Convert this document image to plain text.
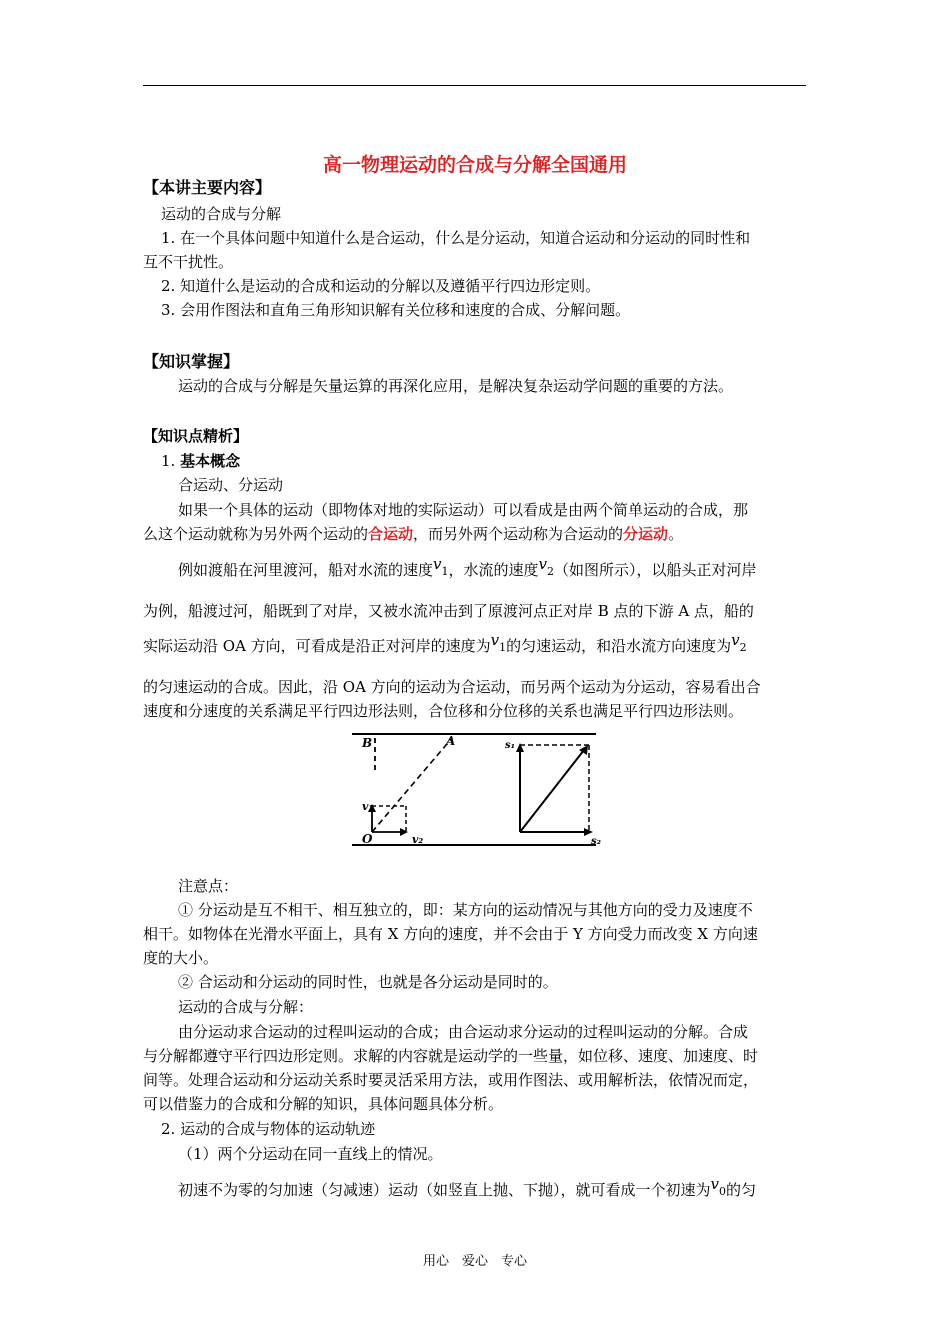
高一物理运动的合成与分解全国通用
【本讲主要内容】
运动的合成与分解
1. 在一个具体问题中知道什么是合运动，什么是分运动，知道合运动和分运动的同时性和
互不干扰性。
2. 知道什么是运动的合成和运动的分解以及遵循平行四边形定则。
3. 会用作图法和直角三角形知识解有关位移和速度的合成、分解问题。
【知识掌握】
运动的合成与分解是矢量运算的再深化应用，是解决复杂运动学问题的重要的方法。
【知识点精析】
1. 基本概念
合运动、分运动
如果一个具体的运动（即物体对地的实际运动）可以看成是由两个简单运动的合成，那
么这个运动就称为另外两个运动的合运动，而另外两个运动称为合运动的分运动。
例如渡船在河里渡河，船对水流的速度v1，水流的速度v2（如图所示），以船头正对河岸
为例，船渡过河，船既到了对岸，又被水流冲击到了原渡河点正对岸 B 点的下游 A 点，船的
实际运动沿 OA 方向，可看成是沿正对河岸的速度为v1的匀速运动，和沿水流方向速度为v2
的匀速运动的合成。因此，沿 OA 方向的运动为合运动，而另两个运动为分运动，容易看出合
速度和分速度的关系满足平行四边形法则，合位移和分位移的关系也满足平行四边形法则。
B	A
v₁
O	v₂
s₁
s₂
注意点：
① 分运动是互不相干、相互独立的，即：某方向的运动情况与其他方向的受力及速度不
相干。如物体在光滑水平面上，具有 X 方向的速度，并不会由于 Y 方向受力而改变 X 方向速
度的大小。
② 合运动和分运动的同时性，也就是各分运动是同时的。
运动的合成与分解：
由分运动求合运动的过程叫运动的合成；由合运动求分运动的过程叫运动的分解。合成
与分解都遵守平行四边形定则。求解的内容就是运动学的一些量，如位移、速度、加速度、时
间等。处理合运动和分运动关系时要灵活采用方法，或用作图法、或用解析法，依情况而定，
可以借鉴力的合成和分解的知识，具体问题具体分析。
2. 运动的合成与物体的运动轨迹
（1）两个分运动在同一直线上的情况。
初速不为零的匀加速（匀减速）运动（如竖直上抛、下抛），就可看成一个初速为v0的匀
用心　爱心　专心
